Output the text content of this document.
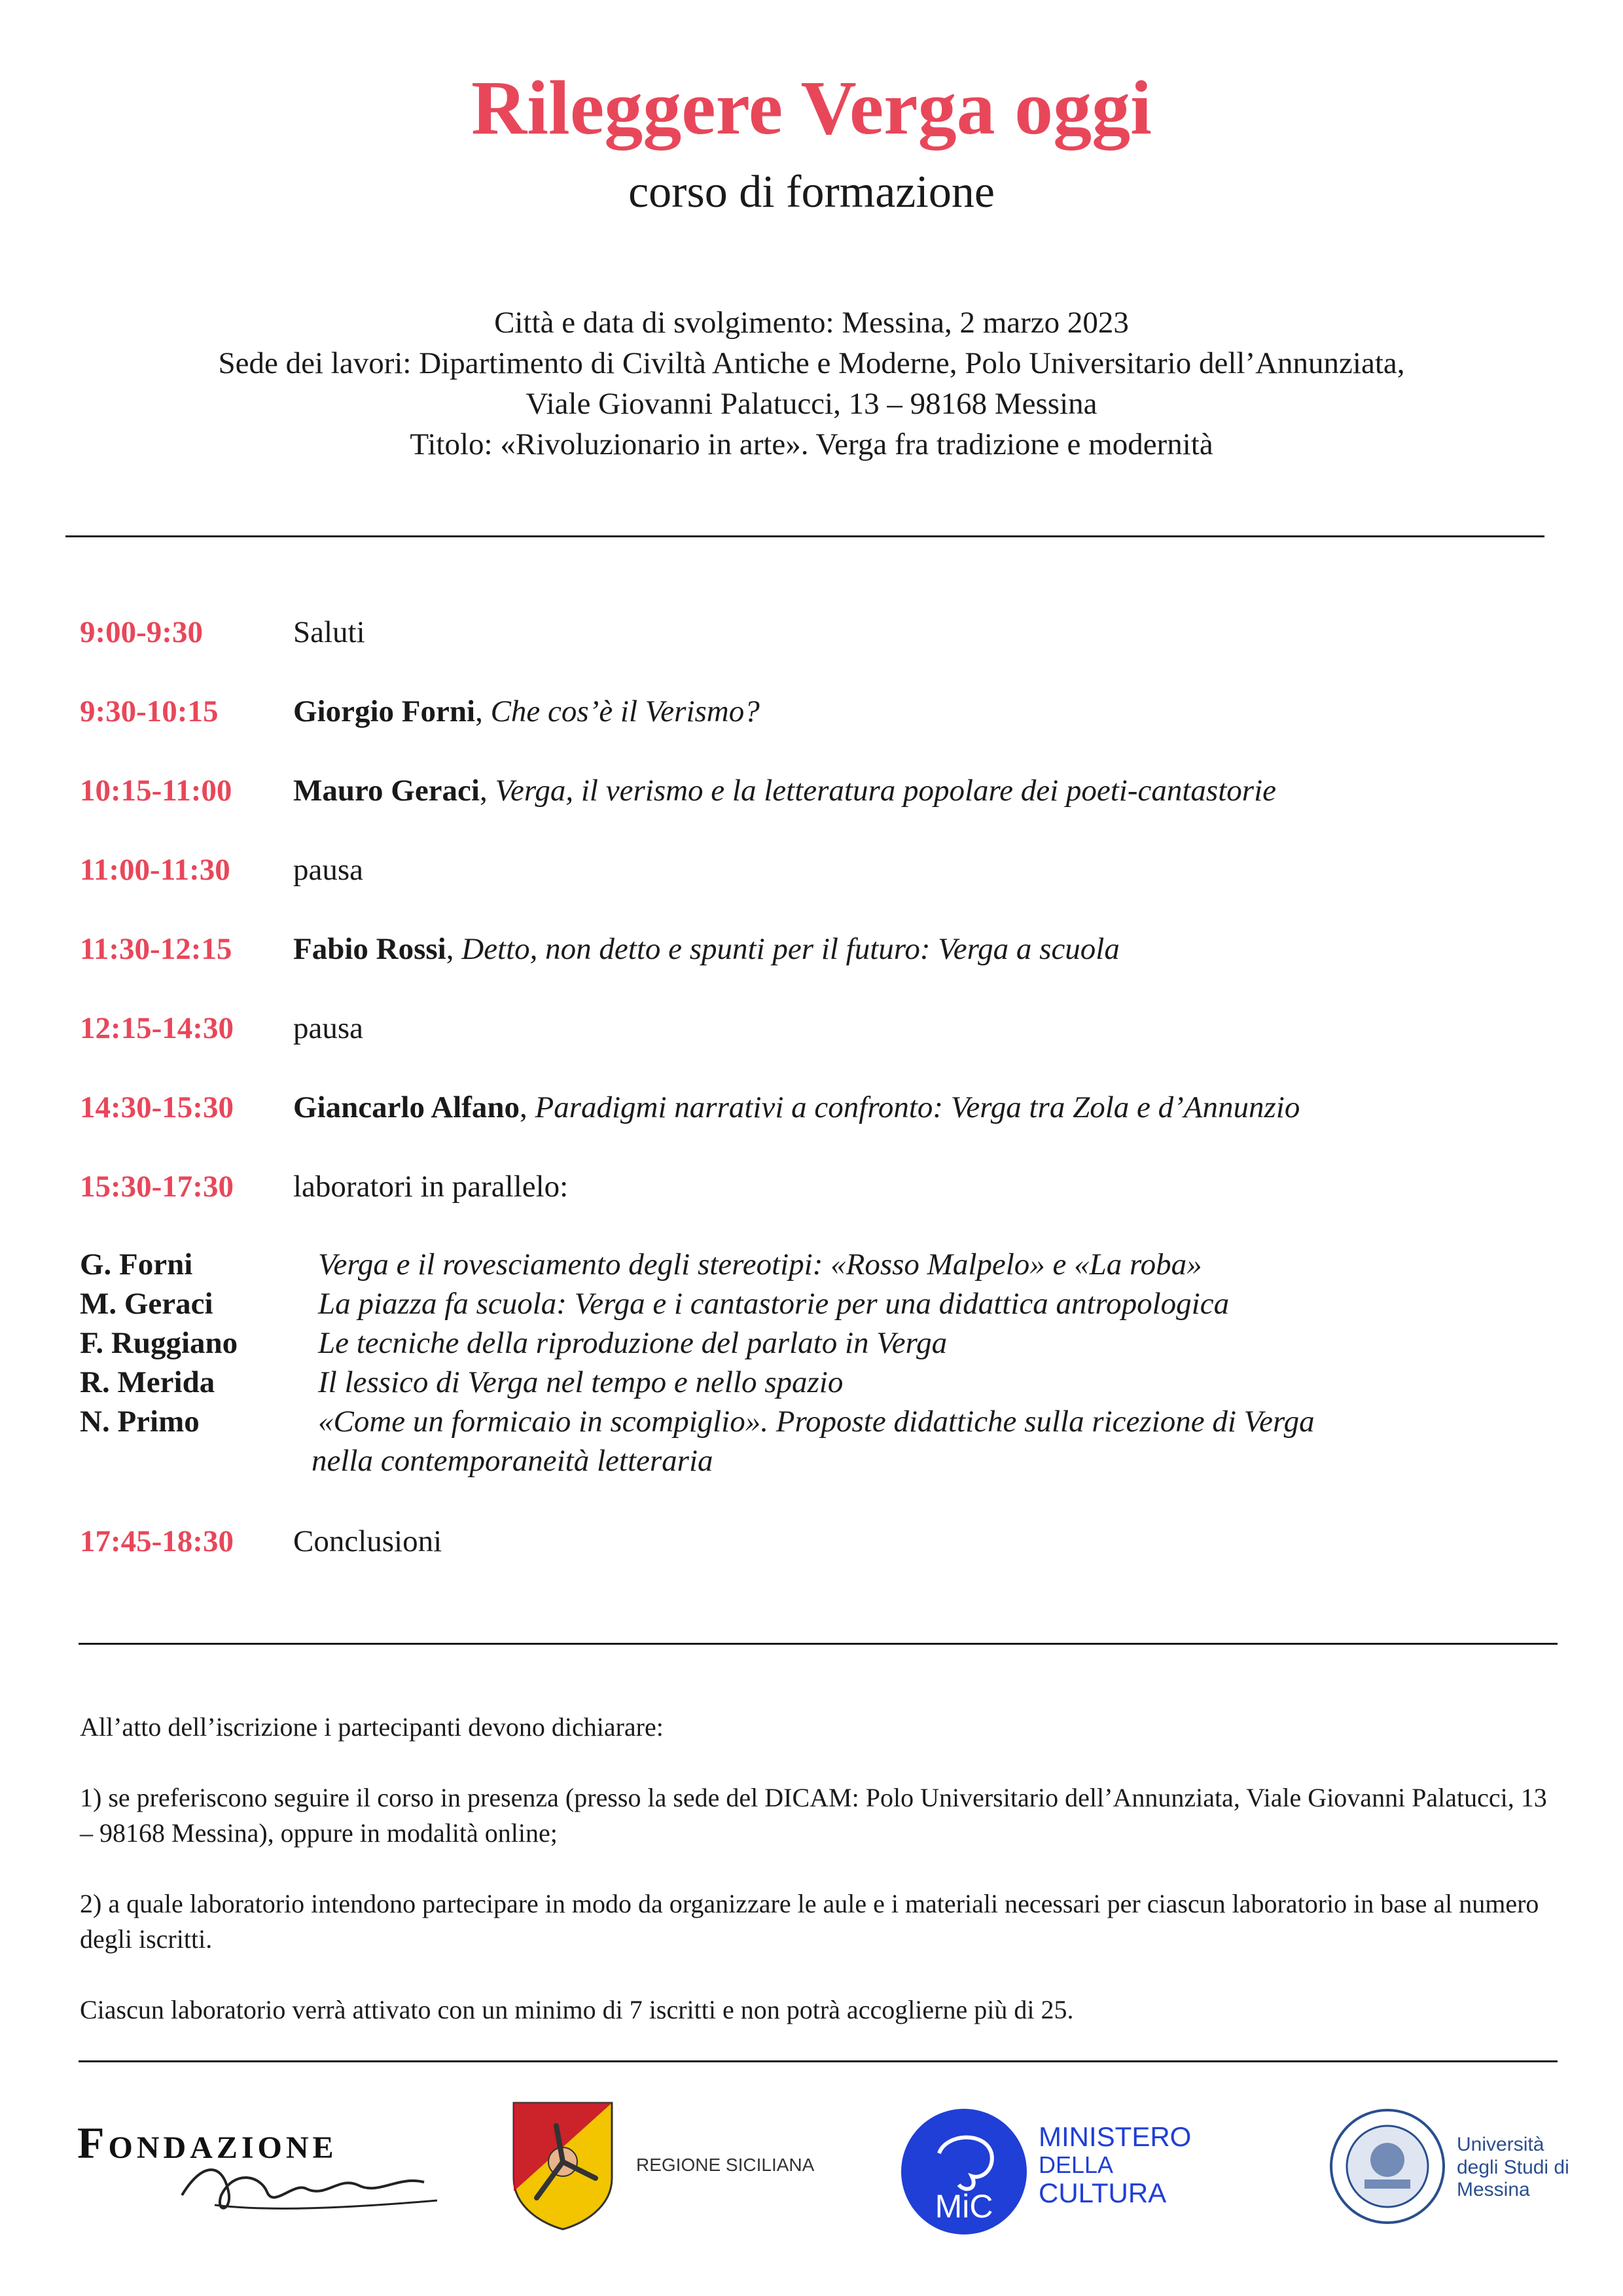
Rileggere Verga oggi
corso di formazione
Città e data di svolgimento: Messina, 2 marzo 2023
Sede dei lavori: Dipartimento di Civiltà Antiche e Moderne, Polo Universitario dell’Annunziata,
Viale Giovanni Palatucci, 13 – 98168 Messina
Titolo: «Rivoluzionario in arte». Verga fra tradizione e modernità
9:00-9:30	Saluti
9:30-10:15 Giorgio Forni, Che cos’è il Verismo?
10:15-11:00 Mauro Geraci, Verga, il verismo e la letteratura popolare dei poeti-cantastorie
11:00-11:30 pausa
11:30-12:15 Fabio Rossi, Detto, non detto e spunti per il futuro: Verga a scuola
12:15-14:30 pausa
14:30-15:30 Giancarlo Alfano, Paradigmi narrativi a confronto: Verga tra Zola e d’Annunzio
15:30-17:30 laboratori in parallelo:
G. Forni	Verga e il rovesciamento degli stereotipi: «Rosso Malpelo» e «La roba»
M. Geraci	La piazza fa scuola: Verga e i cantastorie per una didattica antropologica
F. Ruggiano	Le tecniche della riproduzione del parlato in Verga
R. Merida	Il lessico di Verga nel tempo e nello spazio
N. Primo	«Come un formicaio in scompiglio». Proposte didattiche sulla ricezione di Verga
nella contemporaneità letteraria
17:45-18:30 Conclusioni

All’atto dell’iscrizione i partecipanti devono dichiarare:

1) se preferiscono seguire il corso in presenza (presso la sede del DICAM: Polo Universitario dell’Annunziata, Viale Giovanni Palatucci, 13 – 98168 Messina), oppure in modalità online;

2) a quale laboratorio intendono partecipare in modo da organizzare le aule e i materiali necessari per ciascun laboratorio in base al numero degli iscritti.

Ciascun laboratorio verrà attivato con un minimo di 7 iscritti e non potrà accoglierne più di 25.

Fondazione	REGIONE SICILIANA
MiC
MINISTERO
DELLA
CULTURA
Università
degli Studi di
Messina
